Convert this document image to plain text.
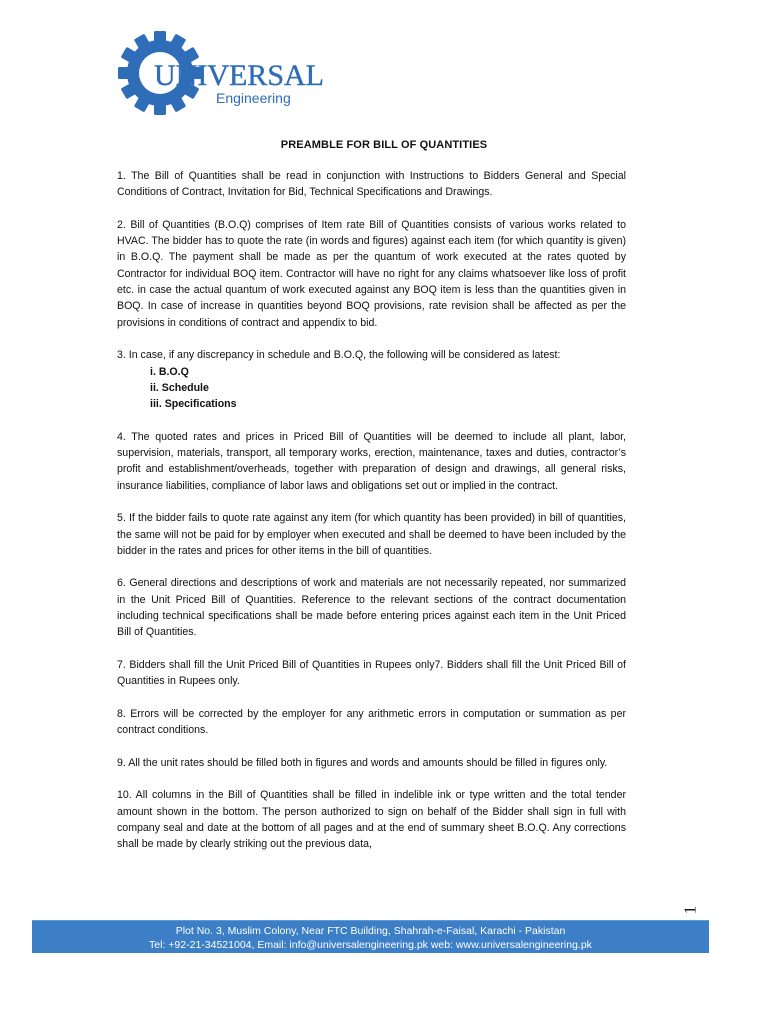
UNIVERSAL
Engineering
PREAMBLE FOR BILL OF QUANTITIES

1. The Bill of Quantities shall be read in conjunction with Instructions to Bidders General and Special Conditions of Contract, Invitation for Bid, Technical Specifications and Drawings.

2. Bill of Quantities (B.O.Q) comprises of Item rate Bill of Quantities consists of various works related to HVAC. The bidder has to quote the rate (in words and figures) against each item (for which quantity is given) in B.O.Q. The payment shall be made as per the quantum of work executed at the rates quoted by Contractor for individual BOQ item. Contractor will have no right for any claims whatsoever like loss of profit etc. in case the actual quantum of work executed against any BOQ item is less than the quantities given in BOQ. In case of increase in quantities beyond BOQ provisions, rate revision shall be affected as per the provisions in conditions of contract and appendix to bid.

3. In case, if any discrepancy in schedule and B.O.Q, the following will be considered as latest:

i. B.O.Q
ii. Schedule
iii. Specifications

4. The quoted rates and prices in Priced Bill of Quantities will be deemed to include all plant, labor, supervision, materials, transport, all temporary works, erection, maintenance, taxes and duties, contractor’s profit and establishment/overheads, together with preparation of design and drawings, all general risks, insurance liabilities, compliance of labor laws and obligations set out or implied in the contract.

5. If the bidder fails to quote rate against any item (for which quantity has been provided) in bill of quantities, the same will not be paid for by employer when executed and shall be deemed to have been included by the bidder in the rates and prices for other items in the bill of quantities.

6. General directions and descriptions of work and materials are not necessarily repeated, nor summarized in the Unit Priced Bill of Quantities. Reference to the relevant sections of the contract documentation including technical specifications shall be made before entering prices against each item in the Unit Priced Bill of Quantities.

7. Bidders shall fill the Unit Priced Bill of Quantities in Rupees only7. Bidders shall fill the Unit Priced Bill of Quantities in Rupees only.

8. Errors will be corrected by the employer for any arithmetic errors in computation or summation as per contract conditions.

9. All the unit rates should be filled both in figures and words and amounts should be filled in figures only.

10. All columns in the Bill of Quantities shall be filled in indelible ink or type written and the total tender amount shown in the bottom. The person authorized to sign on behalf of the Bidder shall sign in full with company seal and date at the bottom of all pages and at the end of summary sheet B.O.Q. Any corrections shall be made by clearly striking out the previous data,

1
Plot No. 3, Muslim Colony, Near FTC Building, Shahrah-e-Faisal, Karachi - Pakistan
Tel: +92-21-34521004, Email: info@universalengineering.pk web: www.universalengineering.pk
